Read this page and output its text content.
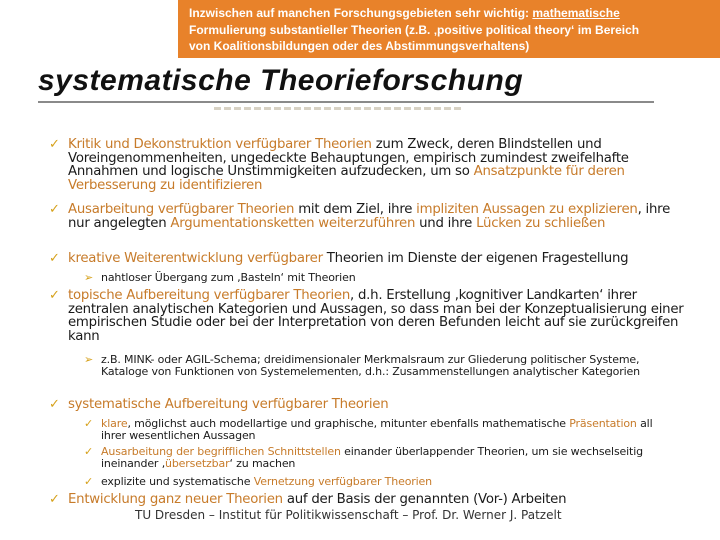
Inzwischen auf manchen Forschungsgebieten sehr wichtig: mathematische
Formulierung substantieller Theorien (z.B. ‚positive political theory‘ im Bereich
von Koalitionsbildungen oder des Abstimmungsverhaltens)
systematische Theorieforschung
✓ Kritik und Dekonstruktion verfügbarer Theorien zum Zweck, deren Blindstellen und Voreingenommenheiten, ungedeckte Behauptungen, empirisch zumindest zweifelhafte Annahmen und logische Unstimmigkeiten aufzudecken, um so Ansatzpunkte für deren Verbesserung zu identifizieren
✓ Ausarbeitung verfügbarer Theorien mit dem Ziel, ihre impliziten Aussagen zu explizieren, ihre nur angelegten Argumentationsketten weiterzuführen und ihre Lücken zu schließen
✓ kreative Weiterentwicklung verfügbarer Theorien im Dienste der eigenen Fragestellung
➢ nahtloser Übergang zum ‚Basteln‘ mit Theorien
✓ topische Aufbereitung verfügbarer Theorien, d.h. Erstellung ‚kognitiver Landkarten‘ ihrer zentralen analytischen Kategorien und Aussagen, so dass man bei der Konzeptualisierung einer empirischen Studie oder bei der Interpretation von deren Befunden leicht auf sie zurückgreifen kann
➢ z.B. MINK- oder AGIL-Schema; dreidimensionaler Merkmalsraum zur Gliederung politischer Systeme, Kataloge von Funktionen von Systemelementen, d.h.: Zusammenstellungen analytischer Kategorien
✓ systematische Aufbereitung verfügbarer Theorien
✓ klare, möglichst auch modellartige und graphische, mitunter ebenfalls mathematische Präsentation all ihrer wesentlichen Aussagen
✓ Ausarbeitung der begrifflichen Schnittstellen einander überlappender Theorien, um sie wechselseitig ineinander ‚übersetzbar‘ zu machen
✓ explizite und systematische Vernetzung verfügbarer Theorien
✓ Entwicklung ganz neuer Theorien auf der Basis der genannten (Vor-) Arbeiten
TU Dresden – Institut für Politikwissenschaft – Prof. Dr. Werner J. Patzelt
